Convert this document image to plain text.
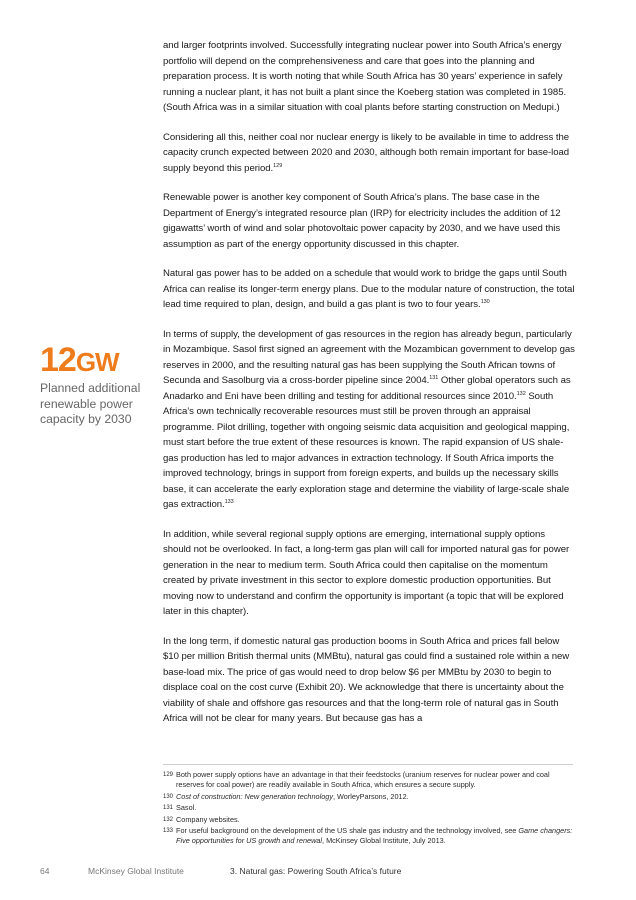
12GW
Planned additional renewable power capacity by 2030

and larger footprints involved. Successfully integrating nuclear power into South Africa’s energy portfolio will depend on the comprehensiveness and care that goes into the planning and preparation process. It is worth noting that while South Africa has 30 years’ experience in safely running a nuclear plant, it has not built a plant since the Koeberg station was completed in 1985. (South Africa was in a similar situation with coal plants before starting construction on Medupi.)

Considering all this, neither coal nor nuclear energy is likely to be available in time to address the capacity crunch expected between 2020 and 2030, although both remain important for base-load supply beyond this period.$^{129}$

Renewable power is another key component of South Africa’s plans. The base case in the Department of Energy’s integrated resource plan (IRP) for electricity includes the addition of 12 gigawatts’ worth of wind and solar photovoltaic power capacity by 2030, and we have used this assumption as part of the energy opportunity discussed in this chapter.

Natural gas power has to be added on a schedule that would work to bridge the gaps until South Africa can realise its longer-term energy plans. Due to the modular nature of construction, the total lead time required to plan, design, and build a gas plant is two to four years.$^{130}$

In terms of supply, the development of gas resources in the region has already begun, particularly in Mozambique. Sasol first signed an agreement with the Mozambican government to develop gas reserves in 2000, and the resulting natural gas has been supplying the South African towns of Secunda and Sasolburg via a cross-border pipeline since 2004.$^{131}$ Other global operators such as Anadarko and Eni have been drilling and testing for additional resources since 2010.$^{132}$ South Africa’s own technically recoverable resources must still be proven through an appraisal programme. Pilot drilling, together with ongoing seismic data acquisition and geological mapping, must start before the true extent of these resources is known. The rapid expansion of US shale-gas production has led to major advances in extraction technology. If South Africa imports the improved technology, brings in support from foreign experts, and builds up the necessary skills base, it can accelerate the early exploration stage and determine the viability of large-scale shale gas extraction.$^{133}$

In addition, while several regional supply options are emerging, international supply options should not be overlooked. In fact, a long-term gas plan will call for imported natural gas for power generation in the near to medium term. South Africa could then capitalise on the momentum created by private investment in this sector to explore domestic production opportunities. But moving now to understand and confirm the opportunity is important (a topic that will be explored later in this chapter).

In the long term, if domestic natural gas production booms in South Africa and prices fall below $10 per million British thermal units (MMBtu), natural gas could find a sustained role within a new base-load mix. The price of gas would need to drop below $6 per MMBtu by 2030 to begin to displace coal on the cost curve (Exhibit 20). We acknowledge that there is uncertainty about the viability of shale and offshore gas resources and that the long-term role of natural gas in South Africa will not be clear for many years. But because gas has a

129 Both power supply options have an advantage in that their feedstocks (uranium reserves for nuclear power and coal reserves for coal power) are readily available in South Africa, which ensures a secure supply.
130 Cost of construction: New generation technology, WorleyParsons, 2012.
131 Sasol.
132 Company websites.
133 For useful background on the development of the US shale gas industry and the technology involved, see Game changers: Five opportunities for US growth and renewal, McKinsey Global Institute, July 2013.
64	McKinsey Global Institute	3. Natural gas: Powering South Africa’s future
